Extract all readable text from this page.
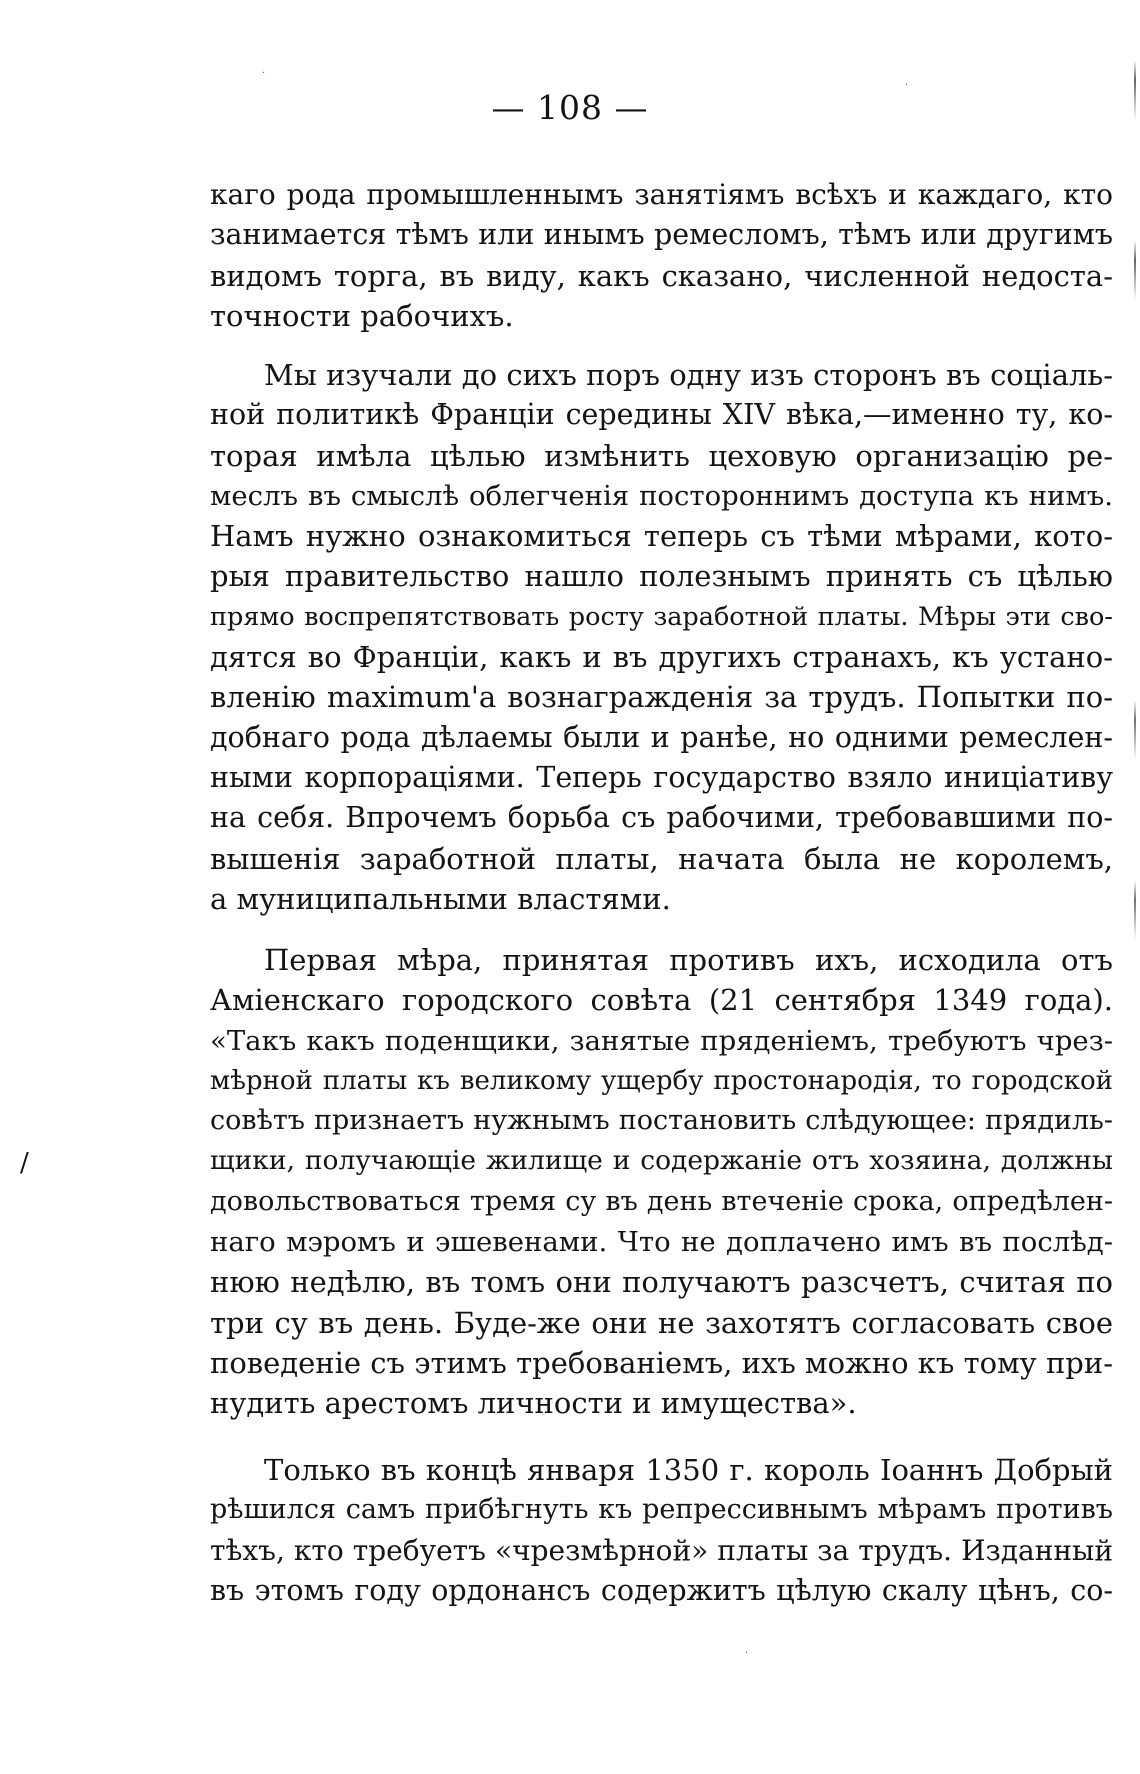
— 108 —
/
·
·
·
каго рода промышленнымъ занятіямъ всѣхъ и каждаго, кто
занимается тѣмъ или инымъ ремесломъ, тѣмъ или другимъ
видомъ торга, въ виду, какъ сказано, численной недоста-
точности рабочихъ.
Мы изучали до сихъ поръ одну изъ сторонъ въ соціаль-
ной политикѣ Франціи середины XIV вѣка,—именно ту, ко-
торая имѣла цѣлью измѣнить цеховую организацію ре-
меслъ въ смыслѣ облегченія постороннимъ доступа къ нимъ.
Намъ нужно ознакомиться теперь съ тѣми мѣрами, кото-
рыя правительство нашло полезнымъ принять съ цѣлью
прямо воспрепятствовать росту заработной платы. Мѣры эти сво-
дятся во Франціи, какъ и въ другихъ странахъ, къ устано-
вленію maximum'а вознагражденія за трудъ. Попытки по-
добнаго рода дѣлаемы были и ранѣе, но одними ремеслен-
ными корпораціями. Теперь государство взяло иниціативу
на себя. Впрочемъ борьба съ рабочими, требовавшими по-
вышенія заработной платы, начата была не королемъ,
а муниципальными властями.
Первая мѣра, принятая противъ ихъ, исходила отъ
Аміенскаго городского совѣта (21 сентября 1349 года).
«Такъ какъ поденщики, занятые пряденіемъ, требуютъ чрез-
мѣрной платы къ великому ущербу простонародія, то городской
совѣтъ признаетъ нужнымъ постановить слѣдующее: прядиль-
щики, получающіе жилище и содержаніе отъ хозяина, должны
довольствоваться тремя су въ день втеченіе срока, опредѣлен-
наго мэромъ и эшевенами. Что не доплачено имъ въ послѣд-
нюю недѣлю, въ томъ они получаютъ разсчетъ, считая по
три су въ день. Буде-же они не захотятъ согласовать свое
поведеніе съ этимъ требованіемъ, ихъ можно къ тому при-
нудить арестомъ личности и имущества».
Только въ концѣ января 1350 г. король Іоаннъ Добрый
рѣшился самъ прибѣгнуть къ репрессивнымъ мѣрамъ противъ
тѣхъ, кто требуетъ «чрезмѣрной» платы за трудъ. Изданный
въ этомъ году ордонансъ содержитъ цѣлую скалу цѣнъ, со-
